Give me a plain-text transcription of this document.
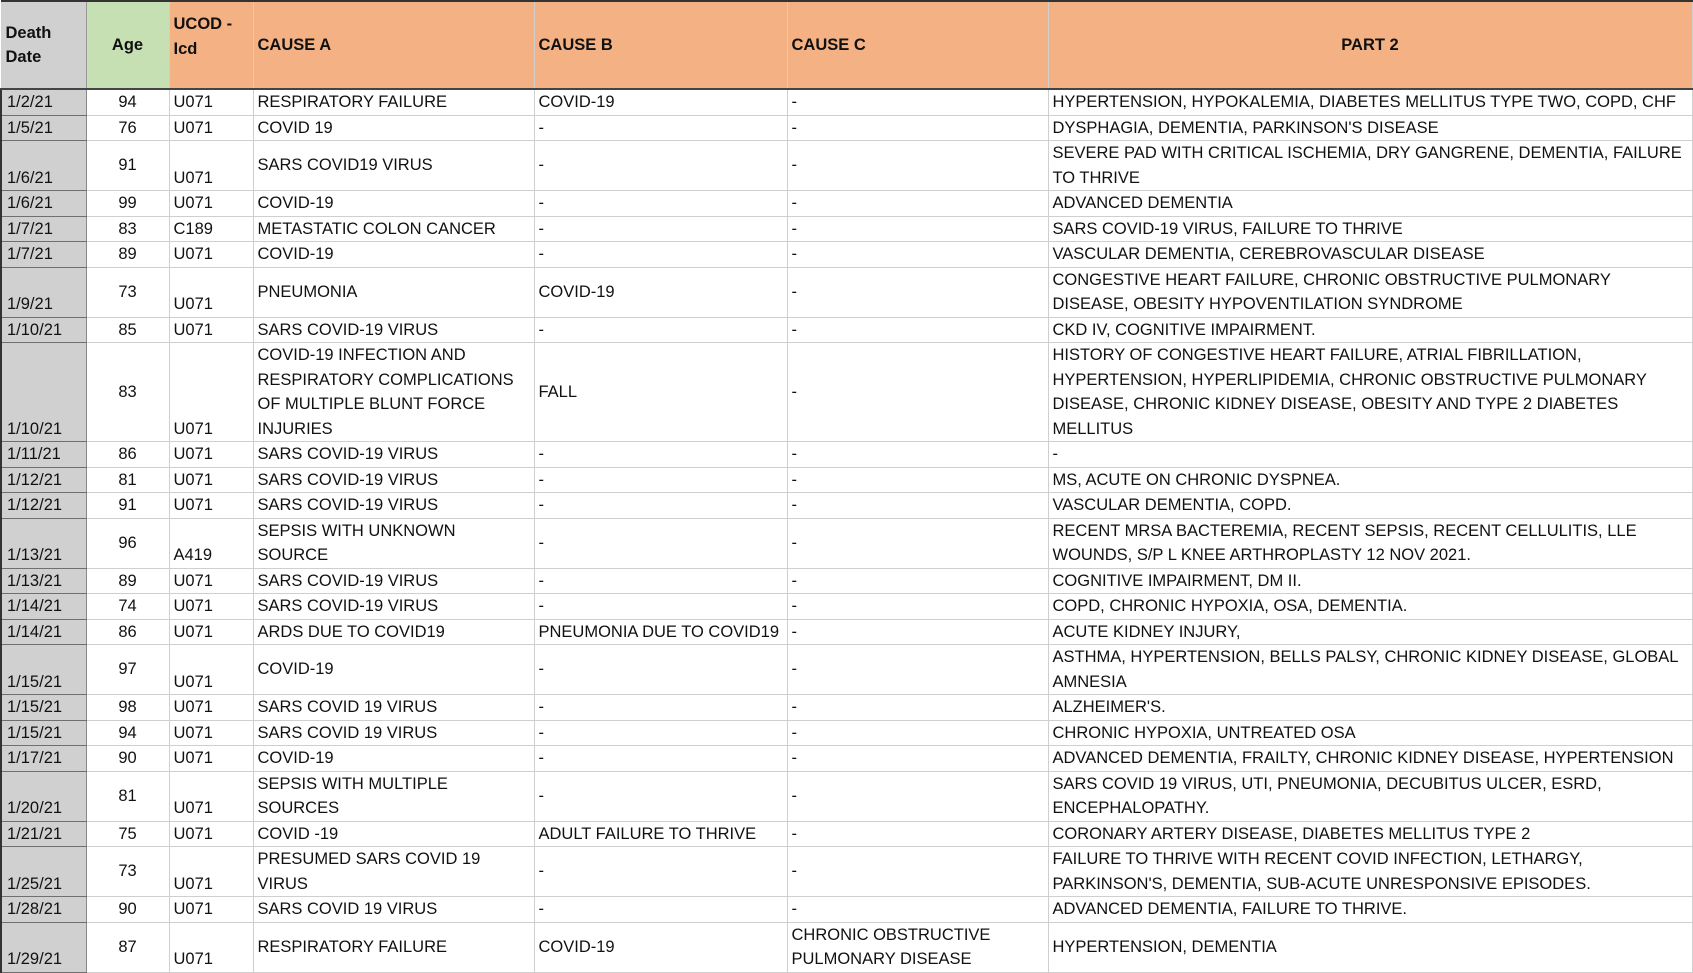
Death Date	Age	UCOD - Icd	CAUSE A	CAUSE B	CAUSE C	PART 2
1/2/21	94	U071	RESPIRATORY FAILURE	COVID-19	-	HYPERTENSION, HYPOKALEMIA, DIABETES MELLITUS TYPE TWO, COPD, CHF
1/5/21	76	U071	COVID 19	-	-	DYSPHAGIA, DEMENTIA, PARKINSON'S DISEASE
1/6/21	91	U071	SARS COVID19 VIRUS	-	-	SEVERE PAD WITH CRITICAL ISCHEMIA, DRY GANGRENE, DEMENTIA, FAILURE TO THRIVE
1/6/21	99	U071	COVID-19	-	-	ADVANCED DEMENTIA
1/7/21	83	C189	METASTATIC COLON CANCER	-	-	SARS COVID-19 VIRUS, FAILURE TO THRIVE
1/7/21	89	U071	COVID-19	-	-	VASCULAR DEMENTIA, CEREBROVASCULAR DISEASE
1/9/21	73	U071	PNEUMONIA	COVID-19	-	CONGESTIVE HEART FAILURE, CHRONIC OBSTRUCTIVE PULMONARY DISEASE, OBESITY HYPOVENTILATION SYNDROME
1/10/21	85	U071	SARS COVID-19 VIRUS	-	-	CKD IV, COGNITIVE IMPAIRMENT.
1/10/21	83	U071	COVID-19 INFECTION AND RESPIRATORY COMPLICATIONS OF MULTIPLE BLUNT FORCE INJURIES	FALL	-	HISTORY OF CONGESTIVE HEART FAILURE, ATRIAL FIBRILLATION, HYPERTENSION, HYPERLIPIDEMIA, CHRONIC OBSTRUCTIVE PULMONARY DISEASE, CHRONIC KIDNEY DISEASE, OBESITY AND TYPE 2 DIABETES MELLITUS
1/11/21	86	U071	SARS COVID-19 VIRUS	-	-	-
1/12/21	81	U071	SARS COVID-19 VIRUS	-	-	MS, ACUTE ON CHRONIC DYSPNEA.
1/12/21	91	U071	SARS COVID-19 VIRUS	-	-	VASCULAR DEMENTIA, COPD.
1/13/21	96	A419	SEPSIS WITH UNKNOWN SOURCE	-	-	RECENT MRSA BACTEREMIA, RECENT SEPSIS, RECENT CELLULITIS, LLE WOUNDS, S/P L KNEE ARTHROPLASTY 12 NOV 2021.
1/13/21	89	U071	SARS COVID-19 VIRUS	-	-	COGNITIVE IMPAIRMENT, DM II.
1/14/21	74	U071	SARS COVID-19 VIRUS	-	-	COPD, CHRONIC HYPOXIA, OSA, DEMENTIA.
1/14/21	86	U071	ARDS DUE TO COVID19	PNEUMONIA DUE TO COVID19	-	ACUTE KIDNEY INJURY,
1/15/21	97	U071	COVID-19	-	-	ASTHMA, HYPERTENSION, BELLS PALSY, CHRONIC KIDNEY DISEASE, GLOBAL AMNESIA
1/15/21	98	U071	SARS COVID 19 VIRUS	-	-	ALZHEIMER'S.
1/15/21	94	U071	SARS COVID 19 VIRUS	-	-	CHRONIC HYPOXIA, UNTREATED OSA
1/17/21	90	U071	COVID-19	-	-	ADVANCED DEMENTIA, FRAILTY, CHRONIC KIDNEY DISEASE, HYPERTENSION
1/20/21	81	U071	SEPSIS WITH MULTIPLE SOURCES	-	-	SARS COVID 19 VIRUS, UTI, PNEUMONIA, DECUBITUS ULCER, ESRD, ENCEPHALOPATHY.
1/21/21	75	U071	COVID -19	ADULT FAILURE TO THRIVE	-	CORONARY ARTERY DISEASE, DIABETES MELLITUS TYPE 2
1/25/21	73	U071	PRESUMED SARS COVID 19 VIRUS	-	-	FAILURE TO THRIVE WITH RECENT COVID INFECTION, LETHARGY, PARKINSON'S, DEMENTIA, SUB-ACUTE UNRESPONSIVE EPISODES.
1/28/21	90	U071	SARS COVID 19 VIRUS	-	-	ADVANCED DEMENTIA, FAILURE TO THRIVE.
1/29/21	87	U071	RESPIRATORY FAILURE	COVID-19	CHRONIC OBSTRUCTIVE PULMONARY DISEASE	HYPERTENSION, DEMENTIA
